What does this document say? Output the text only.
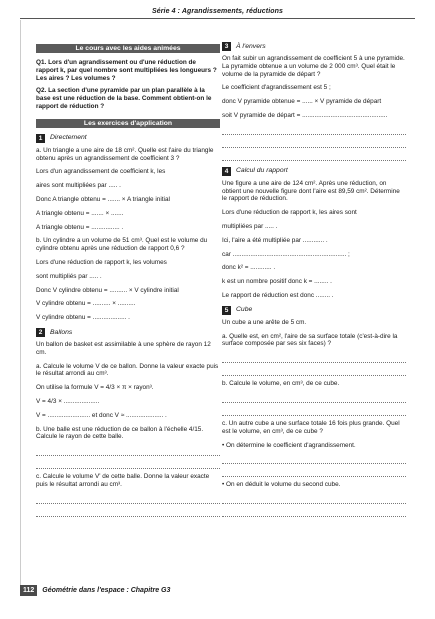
Série 4 : Agrandissements, réductions
Le cours avec les aides animées

Q1. Lors d'un agrandissement ou d'une réduction de rapport k, par quel nombre sont multipliées les longueurs ? Les aires ? Les volumes ?

Q2. La section d'une pyramide par un plan parallèle à la base est une réduction de la base. Comment obtient-on le rapport de réduction ?

Les exercices d'application
1	Directement

a. Un triangle a une aire de 18 cm². Quelle est l'aire du triangle obtenu après un agrandissement de coefficient 3 ?

Lors d'un agrandissement de coefficient k, les
aires sont multipliées par ..... .
Donc A triangle obtenu = ....... × A triangle initial
A triangle obtenu = ....... × .......
A triangle obtenu = ................ .

b. Un cylindre a un volume de 51 cm³. Quel est le volume du cylindre obtenu après une réduction de rapport 0,6 ?

Lors d'une réduction de rapport k, les volumes
sont multipliés par ..... .
Donc V cylindre obtenu = .......... × V cylindre initial
V cylindre obtenu = .......... × ..........
V cylindre obtenu = ................... .
2	Ballons

Un ballon de basket est assimilable à une sphère de rayon 12 cm.

a. Calcule le volume V de ce ballon. Donne la valeur exacte puis le résultat arrondi au cm³.

On utilise la formule V = 4/3 × π × rayon³.
V = 4/3 × ....................
V = ........................ et donc V ≈ ..................... .

b. Une balle est une réduction de ce ballon à l'échelle 4/15. Calcule le rayon de cette balle.

c. Calcule le volume V' de cette balle. Donne la valeur exacte puis le résultat arrondi au cm³.

3	À l'envers

On fait subir un agrandissement de coefficient 5 à une pyramide. La pyramide obtenue a un volume de 2 000 cm³. Quel était le volume de la pyramide de départ ?

Le coefficient d'agrandissement est 5 ;
donc V pyramide obtenue = ...... × V pyramide de départ
soit V pyramide de départ = ................................................
4	Calcul du rapport

Une figure a une aire de 124 cm². Après une réduction, on obtient une nouvelle figure dont l'aire est 89,59 cm². Détermine le rapport de réduction.

Lors d'une réduction de rapport k, les aires sont
multipliées par ..... .
Ici, l'aire a été multipliée par ............ .
car ................................................................ ;
donc k² = ............ .
k est un nombre positif donc k = ........ .
Le rapport de réduction est donc ........ .
5	Cube

Un cube a une arête de 5 cm.

a. Quelle est, en cm², l'aire de sa surface totale (c'est-à-dire la surface composée par ses six faces) ?

b. Calcule le volume, en cm³, de ce cube.

c. Un autre cube a une surface totale 16 fois plus grande. Quel est le volume, en cm³, de ce cube ?

• On détermine le coefficient d'agrandissement.
• On en déduit le volume du second cube.
112	Géométrie dans l'espace : Chapitre G3
